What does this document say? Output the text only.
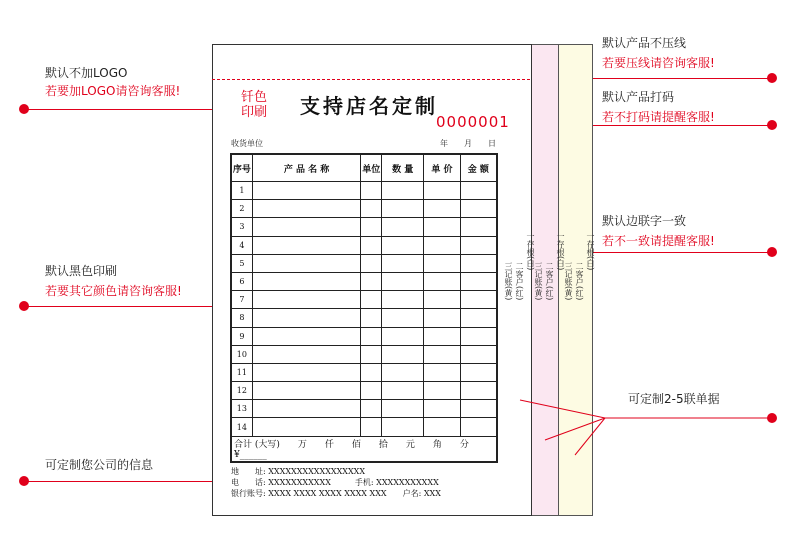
默认不加LOGO
若要加LOGO请咨询客服!
默认黑色印刷
若要其它颜色请咨询客服!
可定制您公司的信息
默认产品不压线
若要压线请咨询客服!
默认产品打码
若不打码请提醒客服!
默认边联字一致
若不一致请提醒客服!
可定制2-5联单据
钎色
印刷 支持店名定制
0000001
收货单位	年　　月　　日
序号	产 品 名 称	单位	数 量	单 价	金 额
1					
2					
3					
4					
5					
6					
7					
8					
9					
10					
11					
12					
13					
14					
合计 (大写)　　万　　仟　　佰　　拾　　元　　角　　分 ¥______					
一存根(白)
二客户(红)
三记账(黄)
一存根(白)
二客户(红)
三记账(黄)
一存根(白)
二客户(红)
三记账(黄)
地　　址: XXXXXXXXXXXXXXXXX
电　　话: XXXXXXXXXXX　　　手机: XXXXXXXXXXX
银行账号: XXXX XXXX XXXX XXXX XXX　　户名: XXX
